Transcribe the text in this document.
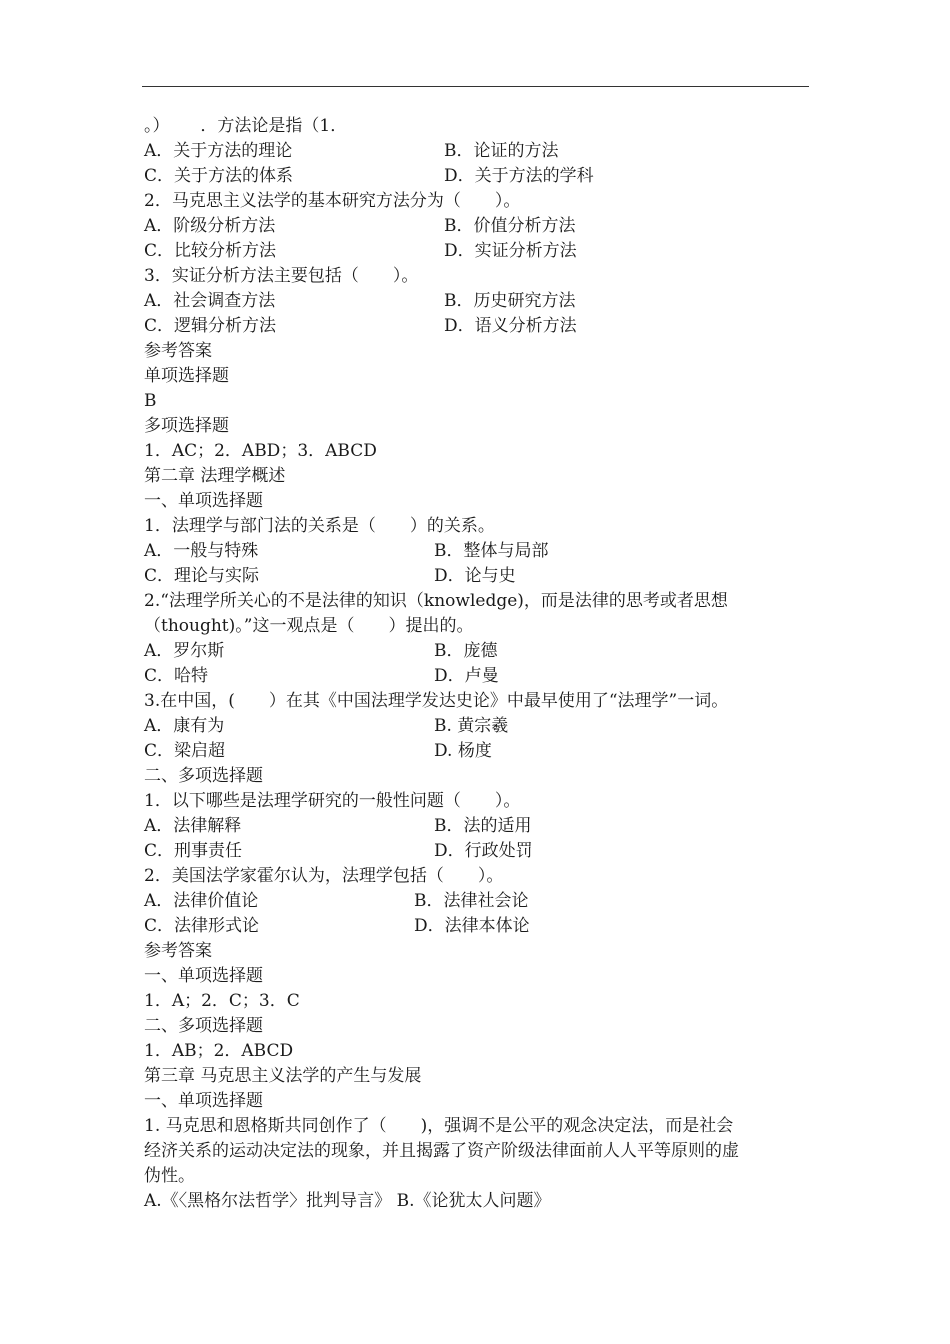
。）　　 ．方法论是指（1．
A．关于方法的理论	B．论证的方法
C．关于方法的体系	D．关于方法的学科
2．马克思主义法学的基本研究方法分为（　　）。
A．阶级分析方法	B．价值分析方法
C．比较分析方法	D．实证分析方法
3．实证分析方法主要包括（　　）。
A．社会调查方法	B．历史研究方法
C．逻辑分析方法	D．语义分析方法
参考答案
单项选择题
B
多项选择题
1．AC；2．ABD；3．ABCD
第二章 法理学概述
一、单项选择题
1．法理学与部门法的关系是（　　）的关系。
A．一般与特殊	B．整体与局部
C．理论与实际	D．论与史
2.“法理学所关心的不是法律的知识（knowledge)，而是法律的思考或者思想
（thought)。”这一观点是（　　）提出的。
A．罗尔斯	B．庞德
C．哈特	D．卢曼
3.在中国，(　　）在其《中国法理学发达史论》中最早使用了“法理学”一词。
A．康有为	B. 黄宗羲
C．梁启超	D. 杨度
二、多项选择题
1．以下哪些是法理学研究的一般性问题（　　）。
A．法律解释	B．法的适用
C．刑事责任	D．行政处罚
2．美国法学家霍尔认为，法理学包括（　　）。
A．法律价值论	B．法律社会论
C．法律形式论	D．法律本体论
参考答案
一、单项选择题
1．A；2．C；3．C
二、多项选择题
1．AB；2．ABCD
第三章 马克思主义法学的产生与发展
一、单项选择题
1. 马克思和恩格斯共同创作了（　　)，强调不是公平的观念决定法，而是社会
经济关系的运动决定法的现象，并且揭露了资产阶级法律面前人人平等原则的虚
伪性。
A.《〈黑格尔法哲学〉批判导言》 B.《论犹太人问题》
